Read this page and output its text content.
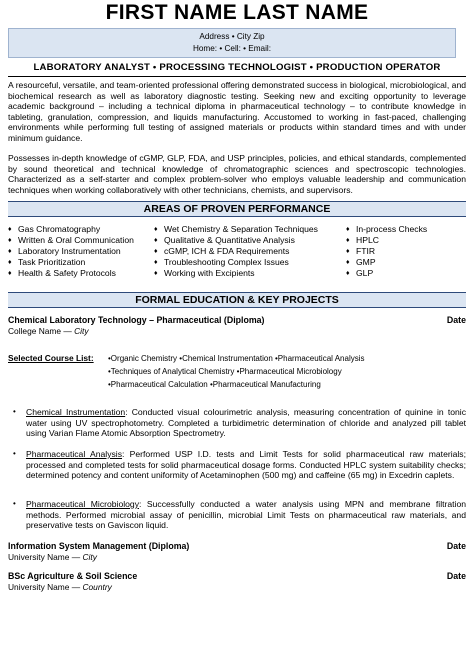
FIRST NAME LAST NAME
Address • City Zip
Home: • Cell: • Email:
LABORATORY ANALYST • PROCESSING TECHNOLOGIST • PRODUCTION OPERATOR
A resourceful, versatile, and team-oriented professional offering demonstrated success in biological, microbiological, and biochemical research as well as laboratory diagnostic testing. Seeking new and exciting opportunity to leverage academic background – including a technical diploma in pharmaceutical technology – to contribute knowledge in tableting, granulation, compression, and liquids manufacturing. Accustomed to working in fast-paced, challenging environments while performing full testing of assigned materials or products within standard times and with under minimum guidance.
Possesses in-depth knowledge of cGMP, GLP, FDA, and USP principles, policies, and ethical standards, complemented by sound theoretical and technical knowledge of chromatographic sciences and spectroscopic technologies. Characterized as a self-starter and complex problem-solver who employs valuable leadership and communication techniques when working collaboratively with other technicians, chemists, and supervisors.
AREAS OF PROVEN PERFORMANCE
♦ Gas Chromatography
♦ Written & Oral Communication
♦ Laboratory Instrumentation
♦ Task Prioritization
♦ Health & Safety Protocols
♦ Wet Chemistry & Separation Techniques
♦ Qualitative & Quantitative Analysis
♦ cGMP, ICH & FDA Requirements
♦ Troubleshooting Complex Issues
♦ Working with Excipients
♦ In-process Checks
♦ HPLC
♦ FTIR
♦ GMP
♦ GLP
FORMAL EDUCATION & KEY PROJECTS
Chemical Laboratory Technology – Pharmaceutical (Diploma)	Date
College Name — City
Selected Course List: •Organic Chemistry •Chemical Instrumentation •Pharmaceutical Analysis
•Techniques of Analytical Chemistry •Pharmaceutical Microbiology
•Pharmaceutical Calculation •Pharmaceutical Manufacturing
• Chemical Instrumentation: Conducted visual colourimetric analysis, measuring concentration of quinine in tonic water using UV spectrophotometry. Completed a turbidimetric determination of chloride and analyzed pill tablet using Varian Flame Atomic Absorption Spectrometry.
• Pharmaceutical Analysis: Performed USP I.D. tests and Limit Tests for solid pharmaceutical raw materials; processed and completed tests for solid pharmaceutical dosage forms. Conducted HPLC system suitability checks; determined potency and content uniformity of Acetaminophen (500 mg) and caffeine (65 mg) in Excedrin caplets.
• Pharmaceutical Microbiology: Successfully conducted a water analysis using MPN and membrane filtration methods. Performed microbial assay of penicillin, microbial Limit Tests on pharmaceutical raw materials, and preservative tests on Gaviscon liquid.
Information System Management (Diploma)	Date
University Name — City
BSc Agriculture & Soil Science	Date
University Name — Country
